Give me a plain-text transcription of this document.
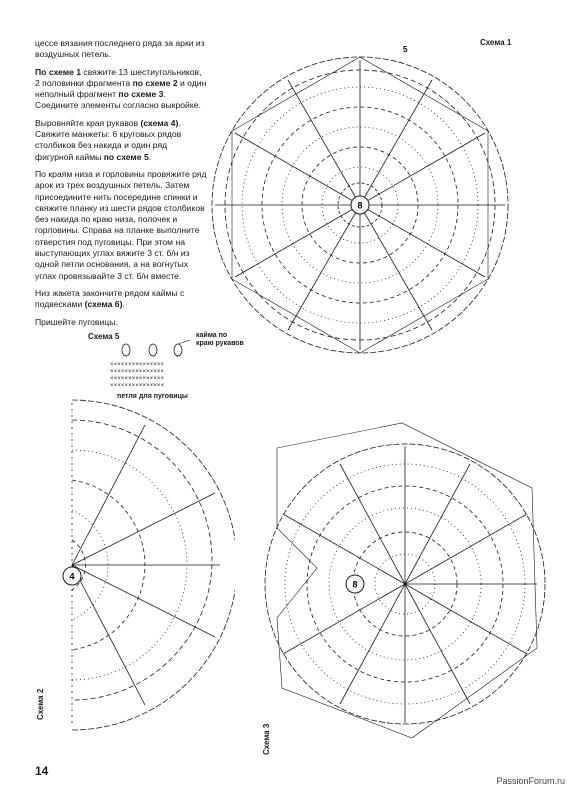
цессе вязания последнего ряда за арки из воздушных петель.

По схеме 1 свяжите 13 шестиугольников, 2 половинки фрагмента по схеме 2 и один неполный фрагмент по схеме 3. Соедините элементы согласно выкройке.

Выровняйте края рукавов (схема 4). Свяжите манжеты: 6 круговых рядов столбиков без накида и один ряд фигурной каймы по схеме 5.

По краям низа и горловины провяжите ряд арок из трех воздушных петель. Затем присоедините нить посередине спинки и свяжите планку из шести рядов столбиков без накида по краю низа, полочек и горловины. Справа на планке выполните отверстия под пуговицы. При этом на выступающих углах вяжите 3 ст. б/н из одной петли основания, а на вогнутых углах провязывайте 3 ст. б/н вместе.

Низ жакета закончите рядом каймы с подвесками (схема 6).

Пришейте пуговицы.

Схема 1
8
5
Схема 5	кайма по краю рукавов
×××××××××××××××
×××××××××××××××
×××××××××××××××
×××××××××××××××
петля для пуговицы
4
Схема 2
8
Схема 3
14
PassionForum.ru
